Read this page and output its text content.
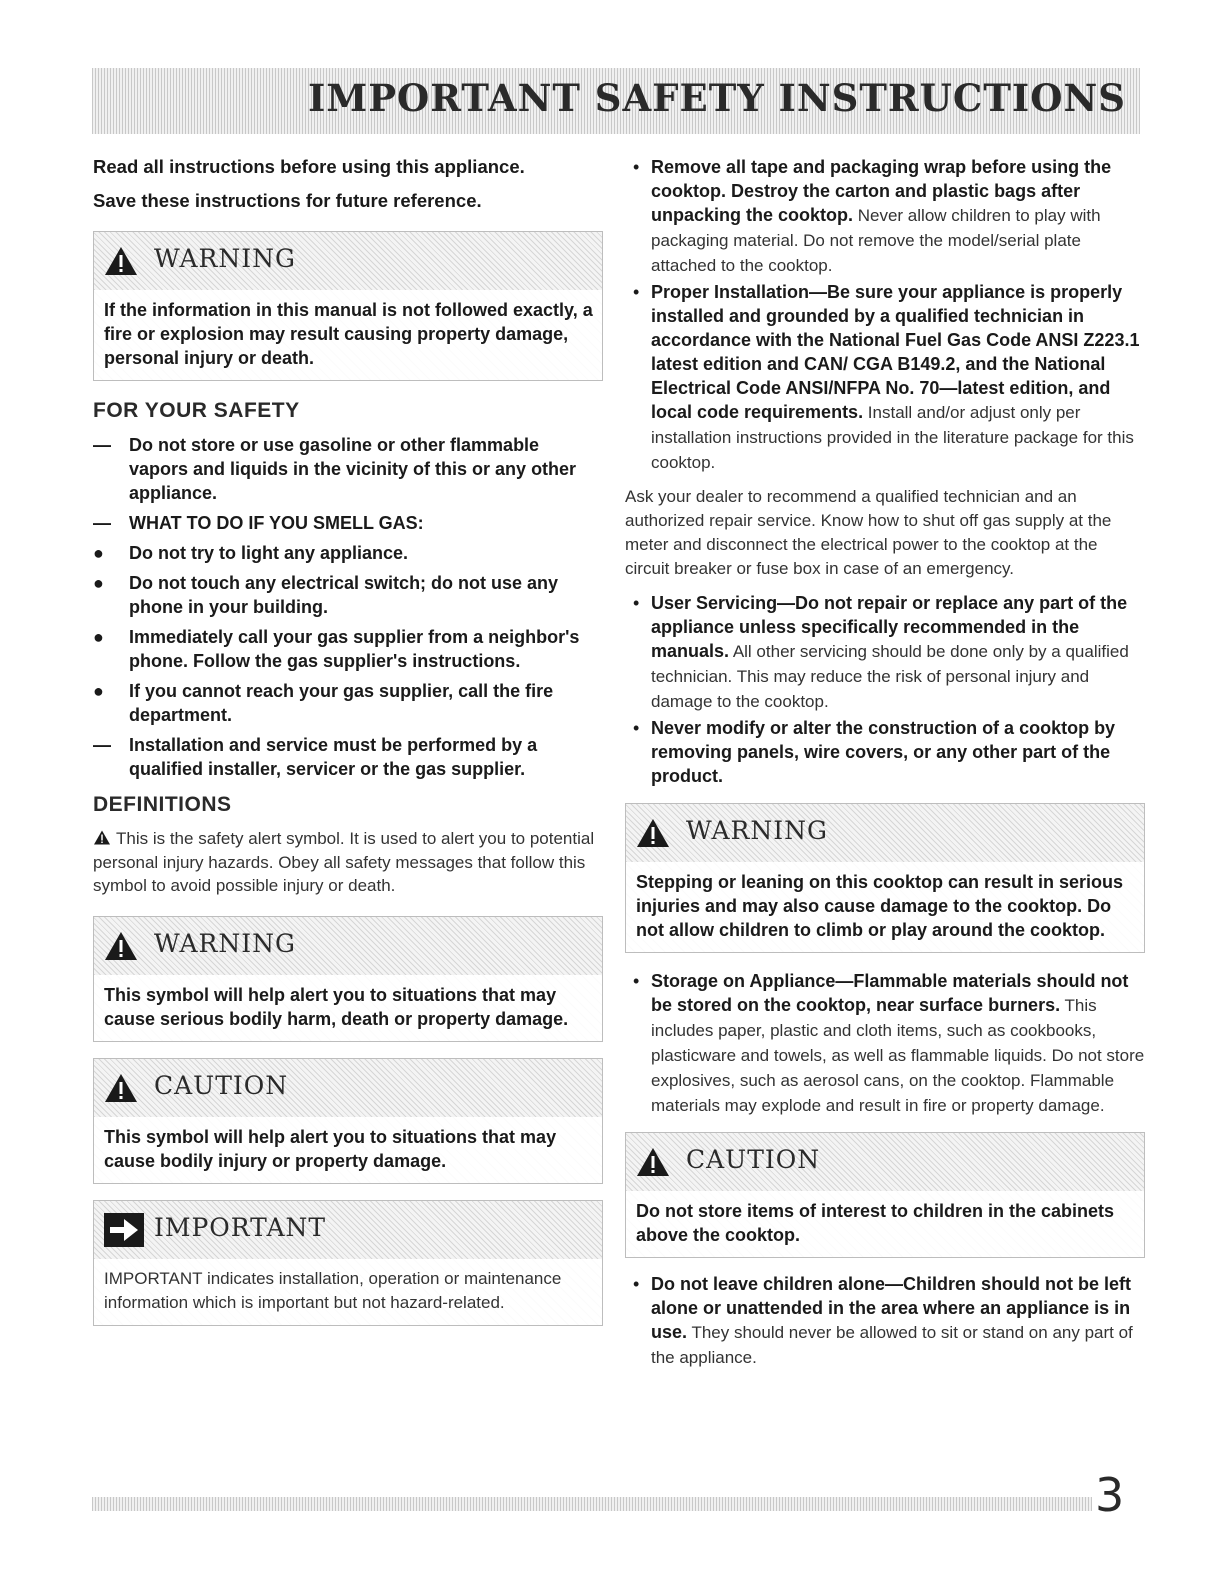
IMPORTANT SAFETY INSTRUCTIONS

Read all instructions before using this appliance.

Save these instructions for future reference.

WARNING
If the information in this manual is not followed exactly, a fire or explosion may result causing property damage, personal injury or death.
FOR YOUR SAFETY
—	Do not store or use gasoline or other flammable vapors and liquids in the vicinity of this or any other appliance.
—	WHAT TO DO IF YOU SMELL GAS:
●	Do not try to light any appliance.
●	Do not touch any electrical switch; do not use any phone in your building.
●	Immediately call your gas supplier from a neighbor's phone. Follow the gas supplier's instructions.
●	If you cannot reach your gas supplier, call the fire department.
—	Installation and service must be performed by a qualified installer, servicer or the gas supplier.
DEFINITIONS

This is the safety alert symbol. It is used to alert you to potential personal injury hazards. Obey all safety messages that follow this symbol to avoid possible injury or death.

WARNING
This symbol will help alert you to situations that may cause serious bodily harm, death or property damage.
CAUTION
This symbol will help alert you to situations that may cause bodily injury or property damage.
IMPORTANT
IMPORTANT indicates installation, operation or maintenance information which is important but not hazard-related.
• Remove all tape and packaging wrap before using the cooktop. Destroy the carton and plastic bags after unpacking the cooktop. Never allow children to play with packaging material. Do not remove the model/serial plate attached to the cooktop.
• Proper Installation—Be sure your appliance is properly installed and grounded by a qualified technician in accordance with the National Fuel Gas Code ANSI Z223.1 latest edition and CAN/ CGA B149.2, and the National Electrical Code ANSI/NFPA No. 70—latest edition, and local code requirements. Install and/or adjust only per installation instructions provided in the literature package for this cooktop.

Ask your dealer to recommend a qualified technician and an authorized repair service. Know how to shut off gas supply at the meter and disconnect the electrical power to the cooktop at the circuit breaker or fuse box in case of an emergency.

• User Servicing—Do not repair or replace any part of the appliance unless specifically recommended in the manuals. All other servicing should be done only by a qualified technician. This may reduce the risk of personal injury and damage to the cooktop.
• Never modify or alter the construction of a cooktop by removing panels, wire covers, or any other part of the product.
WARNING
Stepping or leaning on this cooktop can result in serious injuries and may also cause damage to the cooktop. Do not allow children to climb or play around the cooktop.
• Storage on Appliance—Flammable materials should not be stored on the cooktop, near surface burners. This includes paper, plastic and cloth items, such as cookbooks, plasticware and towels, as well as flammable liquids. Do not store explosives, such as aerosol cans, on the cooktop. Flammable materials may explode and result in fire or property damage.
CAUTION
Do not store items of interest to children in the cabinets above the cooktop.
• Do not leave children alone—Children should not be left alone or unattended in the area where an appliance is in use. They should never be allowed to sit or stand on any part of the appliance.
3
